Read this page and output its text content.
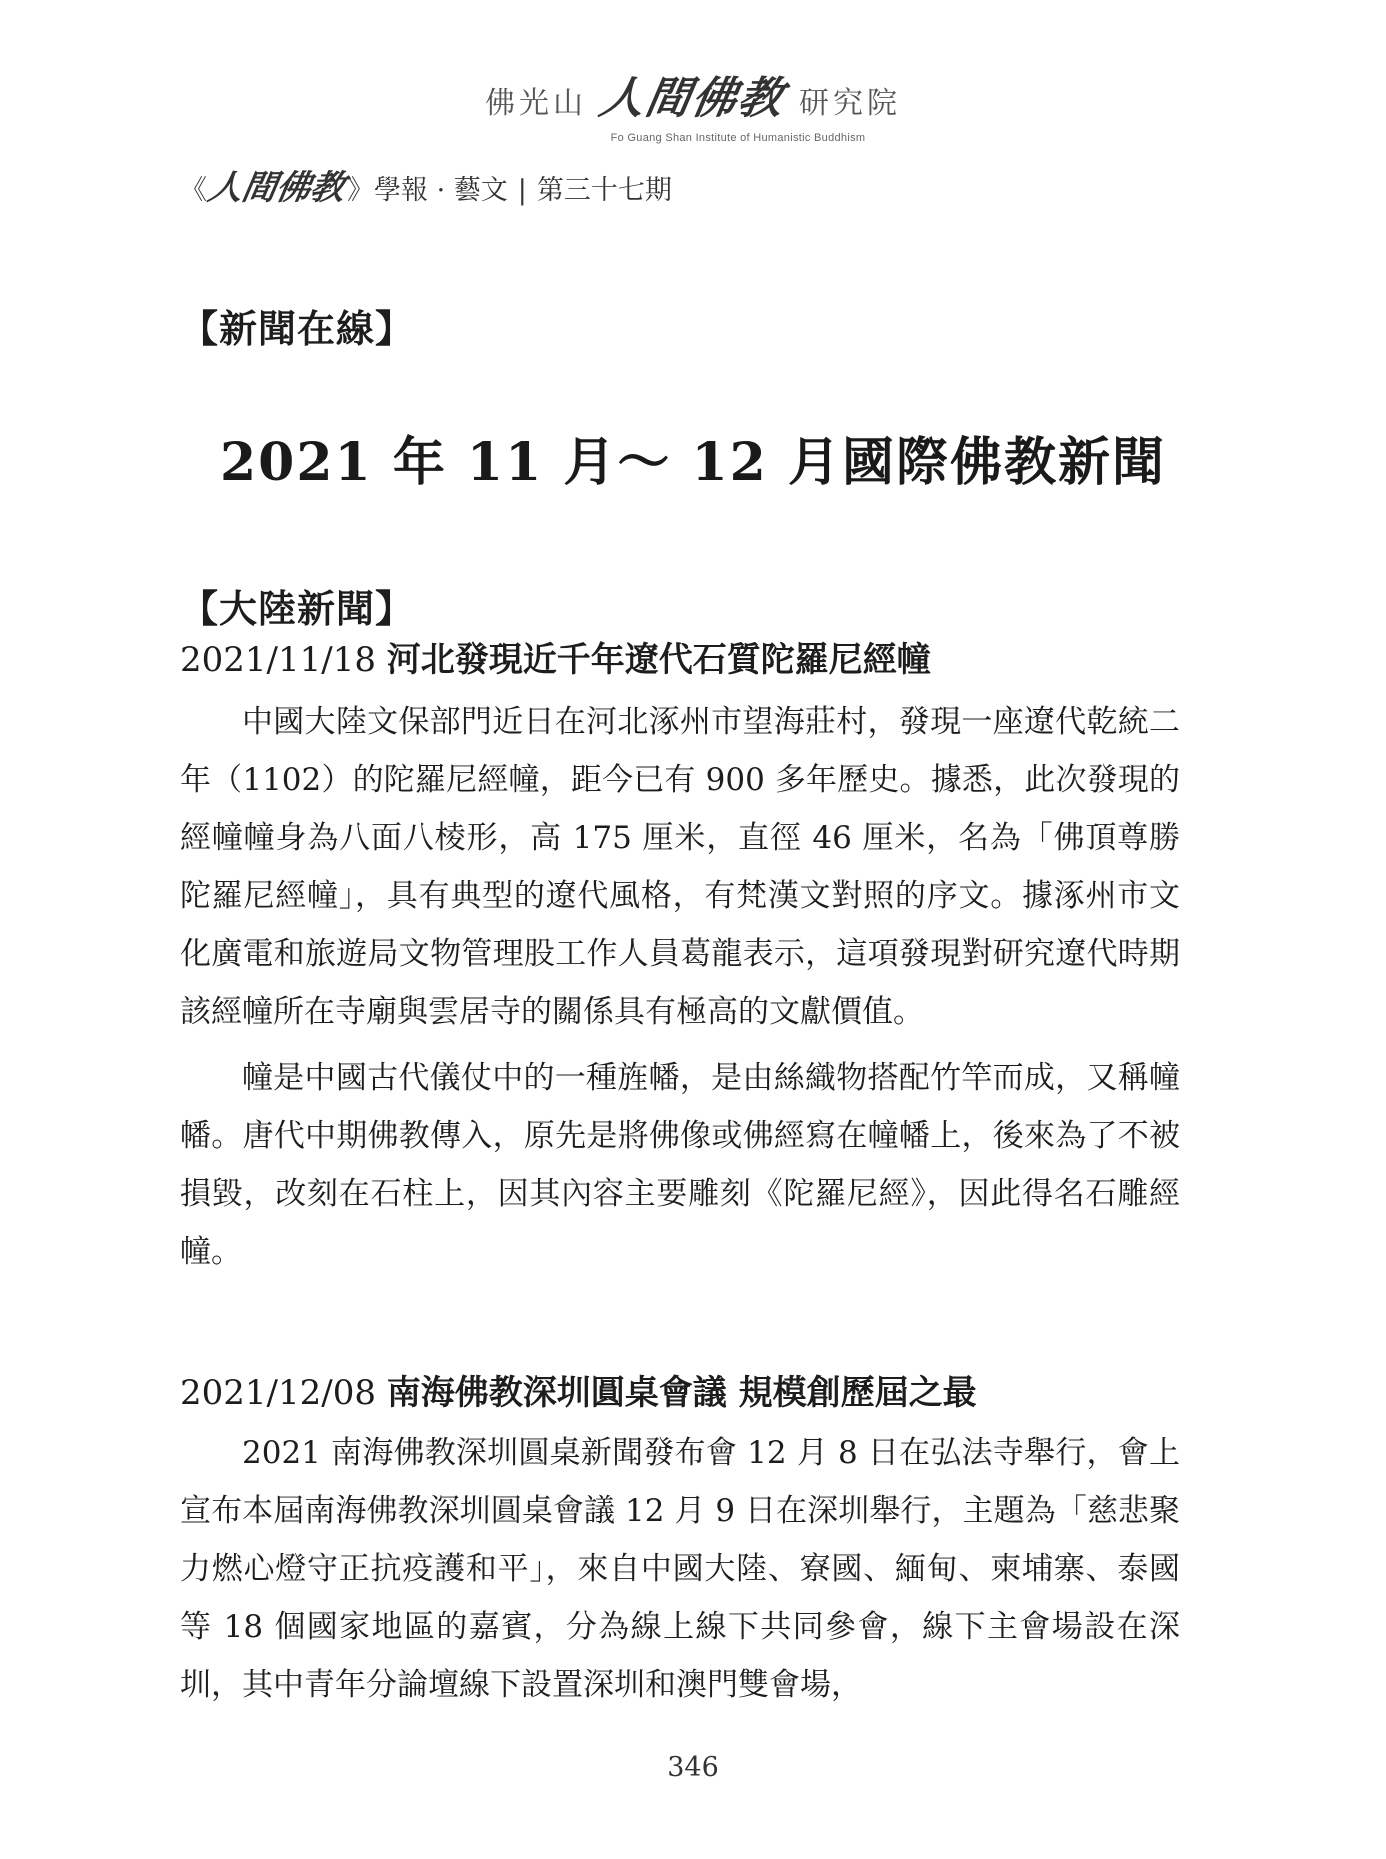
佛光山 人間佛教 研究院
Fo Guang Shan Institute of Humanistic Buddhism
《
人間佛教 》 學報 · 藝文 | 第三十七期
【新聞在線】
2021 年 11 月～ 12 月國際佛教新聞
【大陸新聞】
2021/11/18 河北發現近千年遼代石質陀羅尼經幢

中國大陸文保部門近日在河北涿州市望海莊村，發現一座遼代乾統二年（1102）的陀羅尼經幢，距今已有 900 多年歷史。據悉，此次發現的經幢幢身為八面八棱形，高 175 厘米，直徑 46 厘米，名為「佛頂尊勝陀羅尼經幢」，具有典型的遼代風格，有梵漢文對照的序文。據涿州市文化廣電和旅遊局文物管理股工作人員葛龍表示，這項發現對研究遼代時期該經幢所在寺廟與雲居寺的關係具有極高的文獻價值。

幢是中國古代儀仗中的一種旌幡，是由絲織物搭配竹竿而成，又稱幢幡。唐代中期佛教傳入，原先是將佛像或佛經寫在幢幡上，後來為了不被損毀，改刻在石柱上，因其內容主要雕刻《陀羅尼經》，因此得名石雕經幢。

2021/12/08 南海佛教深圳圓桌會議 規模創歷屆之最

2021 南海佛教深圳圓桌新聞發布會 12 月 8 日在弘法寺舉行，會上宣布本屆南海佛教深圳圓桌會議 12 月 9 日在深圳舉行，主題為「慈悲聚力燃心燈守正抗疫護和平」，來自中國大陸、寮國、緬甸、柬埔寨、泰國等 18 個國家地區的嘉賓，分為線上線下共同參會，線下主會場設在深圳，其中青年分論壇線下設置深圳和澳門雙會場，

346
